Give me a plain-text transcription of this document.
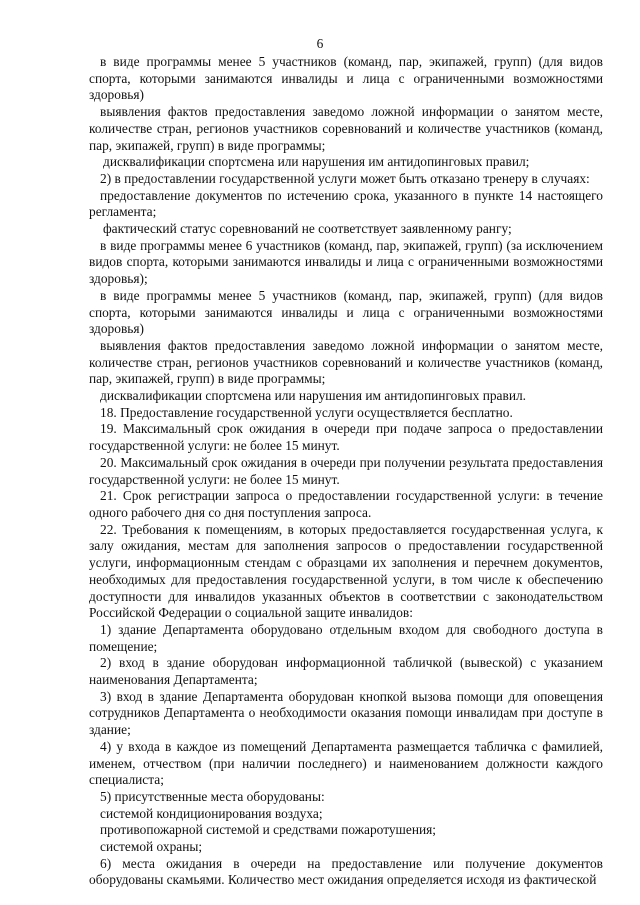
6

в виде программы менее 5 участников (команд, пар, экипажей, групп) (для видов спорта, которыми занимаются инвалиды и лица с ограниченными возможностями здоровья)

выявления фактов предоставления заведомо ложной информации о занятом месте, количестве стран, регионов участников соревнований и количестве участников (команд, пар, экипажей, групп) в виде программы;

дисквалификации спортсмена или нарушения им антидопинговых правил;

2) в предоставлении государственной услуги может быть отказано тренеру в случаях:

предоставление документов по истечению срока, указанного в пункте 14 настоящего регламента;

фактический статус соревнований не соответствует заявленному рангу;

в виде программы менее 6 участников (команд, пар, экипажей, групп) (за исключением видов спорта, которыми занимаются инвалиды и лица с ограниченными возможностями здоровья);

в виде программы менее 5 участников (команд, пар, экипажей, групп) (для видов спорта, которыми занимаются инвалиды и лица с ограниченными возможностями здоровья)

выявления фактов предоставления заведомо ложной информации о занятом месте, количестве стран, регионов участников соревнований и количестве участников (команд, пар, экипажей, групп) в виде программы;

дисквалификации спортсмена или нарушения им антидопинговых правил.

18. Предоставление государственной услуги осуществляется бесплатно.

19. Максимальный срок ожидания в очереди при подаче запроса о предоставлении государственной услуги: не более 15 минут.

20. Максимальный срок ожидания в очереди при получении результата предоставления государственной услуги: не более 15 минут.

21. Срок регистрации запроса о предоставлении государственной услуги: в течение одного рабочего дня со дня поступления запроса.

22. Требования к помещениям, в которых предоставляется государственная услуга, к залу ожидания, местам для заполнения запросов о предоставлении государственной услуги, информационным стендам с образцами их заполнения и перечнем документов, необходимых для предоставления государственной услуги, в том числе к обеспечению доступности для инвалидов указанных объектов в соответствии с законодательством Российской Федерации о социальной защите инвалидов:

1) здание Департамента оборудовано отдельным входом для свободного доступа в помещение;

2) вход в здание оборудован информационной табличкой (вывеской) с указанием наименования Департамента;

3) вход в здание Департамента оборудован кнопкой вызова помощи для оповещения сотрудников Департамента о необходимости оказания помощи инвалидам при доступе в здание;

4) у входа в каждое из помещений Департамента размещается табличка с фамилией, именем, отчеством (при наличии последнего) и наименованием должности каждого специалиста;

5) присутственные места оборудованы:

системой кондиционирования воздуха;

противопожарной системой и средствами пожаротушения;

системой охраны;

6) места ожидания в очереди на предоставление или получение документов оборудованы скамьями. Количество мест ожидания определяется исходя из фактической
